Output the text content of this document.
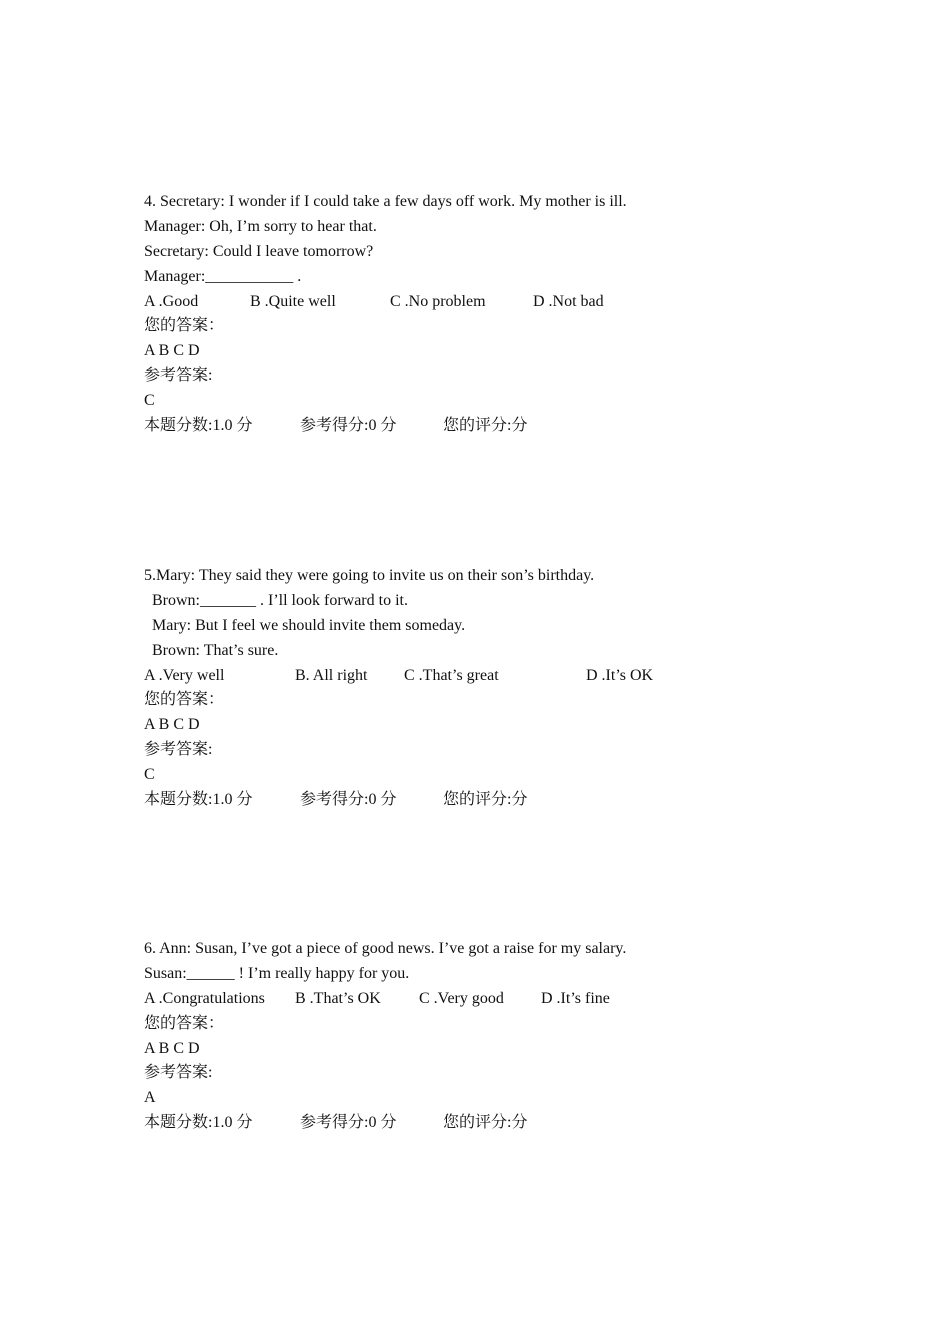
4. Secretary: I wonder if I could take a few days off work. My mother is ill.
Manager: Oh, I’m sorry to hear that.
Secretary: Could I leave tomorrow?
Manager:___________ .
A .Good	B .Quite well	C .No problem	D .Not bad
您的答案：
A B C D
参考答案:
C
本题分数:1.0 分	参考得分:0 分	您的评分:分
5.Mary: They said they were going to invite us on their son’s birthday.
Brown:_______ . I’ll look forward to it.
Mary: But I feel we should invite them someday.
Brown: That’s sure.
A .Very well	B. All right C .That’s great	D .It’s OK
您的答案：
A B C D
参考答案:
C
本题分数:1.0 分	参考得分:0 分	您的评分:分
6. Ann: Susan, I’ve got a piece of good news. I’ve got a raise for my salary.
Susan:______ ! I’m really happy for you.
A .Congratulations B .That’s OK C .Very good D .It’s fine
您的答案：
A B C D
参考答案:
A
本题分数:1.0 分	参考得分:0 分	您的评分:分
